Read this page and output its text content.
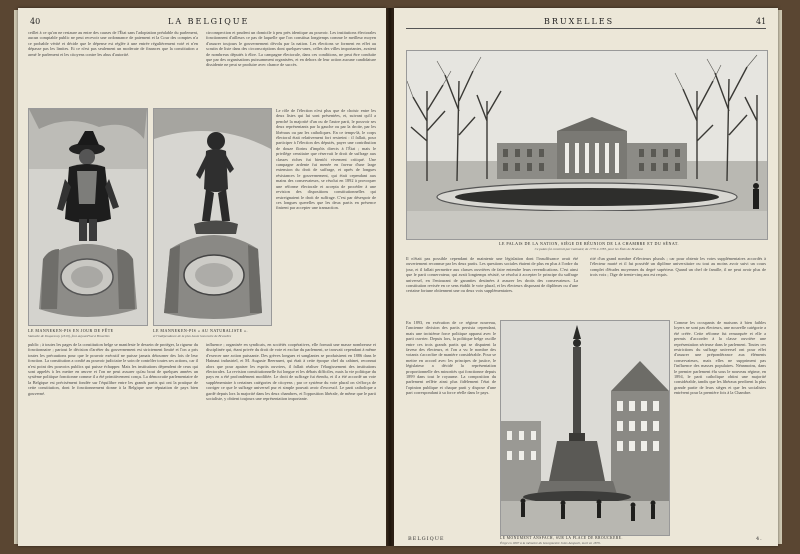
40	LA BELGIQUE
ceillet à ce qu'on ne restaure au entre des causes de l'État sans l'adoptation préalable du parlement, aucun comptable public ne peut recevoir une ordonnance de paiement et la Cour des comptes n'a ce probable vérité et décide que le dépense est réglée à une entrée régulièrement voté et n'en dépasse pas les limites. Et ce n'est pas seulement un moderate de finances que la constitution a armé le parlement et les citoyens contre les abus d'autorité.
circonspection et prudent un domicile à peu près identique au pouvoir. Les institutions électorales fonctionnent d'ailleurs ce pas de laquelle que l'on constitua longtemps comme le meilleur moyen d'assurer toujours le gouvernement dévolu par la nation. Les élections se forment en effet au scrutin de liste dans des circonscriptions dont quelques-unes, celles des villes importantes, avaient de nombreux députés à élire. La campagne électorale, dans ces conditions, ne peut être conduite que par des organisations puissamment organisées, et en dehors de leur action aucune candidature dissidente ne peut se produire avec chance de succès.
Le rôle de l'élection n'est plus que de choisir entre les deux listes qui lui sont présentées, et, suivant qu'il a penché la majorité d'un ou de l'autre parti, le pouvoir ses deux représentants par la gauche ou par la droite, par les libéraux ou par les catholiques. En ce temps-là, le corps électoral était relativement fort restreint : il fallait, pour participer à l'élection des députés, payer une contribution de douze florins d'impôts directs à l'État ; mais le privilège censitaire que réservait le droit de suffrage aux classes riches fut bientôt vivement critiqué. Une campagne ardente fut menée en faveur d'une large extension du droit de suffrage, et après de longues résistances le gouvernement, qui était cependant aux mains des conservateurs, se résolut en 1892 à provoquer une réforme électorale et accepta de procéder à une revision des dispositions constitutionnelles qui restreignaient le droit de suffrage. C'est par désespoir de ces longues querelles que les deux partis en présence finirent par accepter une transaction.
LE MANNEKEN-PIS EN JOUR DE FÊTE
Statuette de Duquesnoy (1619), font aujourd'hui à Bruxelles
LE MANNEKEN-PIS « AU NATURALISTE ».
et l'indépendance de la plus haute honoraire de Bruxelles
public ; à toutes les pages de la constitution belge se manifeste le dessein de protéger, la rigueur du fonctionnaire ; partout le décision d'arrêter du gouvernement est strictement limité et l'on a pris toutes les précautions pour que le pouvoir exécutif ne puisse jamais détourner des lois de leur fonction. La constitution a confié au pouvoir judiciaire le soin de contrôler toutes ses actions, car il n'est point des pouvoirs publics qui puisse échapper. Mais les institutions dépendent de ceux qui sont appelés à les mettre en œuvre et l'on ne peut assurer qu'au bout de quelques années un système politique fonctionne comme il a été primitivement conçu. La démocratie parlementaire de la Belgique est précisément fondée sur l'équilibre entre les grands partis qui ont la pratique de cette constitution, dont le fonctionnement donne à la Belgique une réputation de pays bien gouverné.
influence ; organisée en syndicats, en sociétés coopératives, elle formait une masse nombreuse et disciplinée qui, étant privée du droit de vote et exclue du parlement, se trouvait cependant à même d'exercer une action puissante. Des grèves longues et sanglantes se produisirent en 1886 dans le Hainaut industriel, et M. Auguste Beernaert, qui était à cette époque chef du cabinet, reconnut alors que pour apaiser les esprits ouvriers, il fallait réaliser l'élargissement des institutions électorales. La revision constitutionnelle fut longue et les débats difficiles, mais la vie politique du pays en a été profondément modifiée. Le droit de suffrage fut étendu, et il a été accordé un vote supplémentaire à certaines catégories de citoyens ; par ce système du vote plural on s'efforça de corriger ce que le suffrage universel pur et simple pouvait avoir d'excessif. Le parti catholique a gardé depuis lors la majorité dans les deux chambres, et l'opposition libérale, de même que le parti socialiste, y obtient toujours une représentation importante.
BRUXELLES	41
LE PALAIS DE LA NATION, SIÈGE DE RÉUNION DE LA CHAMBRE ET DU SÉNAT.
Ce palais fut construit par Guimard, de 1779 à 1783, pour les États de Brabant.
Il n'était pas possible cependant de maintenir une législation dont l'insuffisance avait été ouvertement reconnue par les deux partis. Les questions sociales étaient de plus en plus à l'ordre du jour, et il fallait permettre aux classes ouvrières de faire entendre leurs revendications. C'est ainsi que le parti conservateur, qui avait longtemps résisté, se résolut à accepter le principe du suffrage universel, en l'entourant de garanties destinées à assurer les droits des conservateurs. La constitution revisée en ce sens établit le vote plural, et les électeurs disposant de diplômes ou d'une certaine fortune obtiennent une ou deux voix supplémentaires.
rité d'un grand nombre d'électeurs plurals ; car pour obtenir les votes supplémentaires accordés à l'électeur marié et il fut possédé un diplôme universitaire ou tout au moins avoir suivi un cours complet d'études moyennes du degré supérieur. Quand un chef de famille, il ne peut avoir plus de trois voix ; l'âge de trente-cinq ans est requis.
En 1893, en exécution de ce régime nouveau, l'ancienne division des partis persista cependant, mais une troisième force politique apparut avec le parti ouvrier. Depuis lors, la politique belge oscille entre ces trois grands partis qui se disputent la faveur des électeurs, et l'on a vu le nombre des votants s'accroître de manière considérable. Pour se mettre en accord avec les principes de justice, le législateur a décidé la représentation proportionnelle des minorités qui fonctionne depuis 1899 dans tout le royaume. La composition du parlement reflète ainsi plus fidèlement l'état de l'opinion publique et chaque parti y dispose d'une part correspondant à sa force réelle dans le pays.
Comme les occupants de maisons à bien faibles loyers ne sont pas électeurs, une nouvelle catégorie a été créée. Cette réforme fut remarquée et elle a permis d'accorder à la classe ouvrière une représentation sérieuse dans le parlement. Toutes ces restrictions du suffrage universel ont pour effet d'assurer une prépondérance aux éléments conservateurs, mais elles ne suppriment pas l'influence des masses populaires. Néanmoins, dans le premier parlement élu sous le nouveau régime, en 1894, le parti catholique obtint une majorité considérable, tandis que les libéraux perdirent la plus grande partie de leurs sièges et que les socialistes entrèrent pour la première fois à la Chambre.
LE MONUMENT ANSPACH, SUR LA PLACE DE BROUCKÈRE.
Érigé en 1897 à la mémoire du bourgmestre Jules Anspach, mort en 1879.
BELGIQUE	4.
